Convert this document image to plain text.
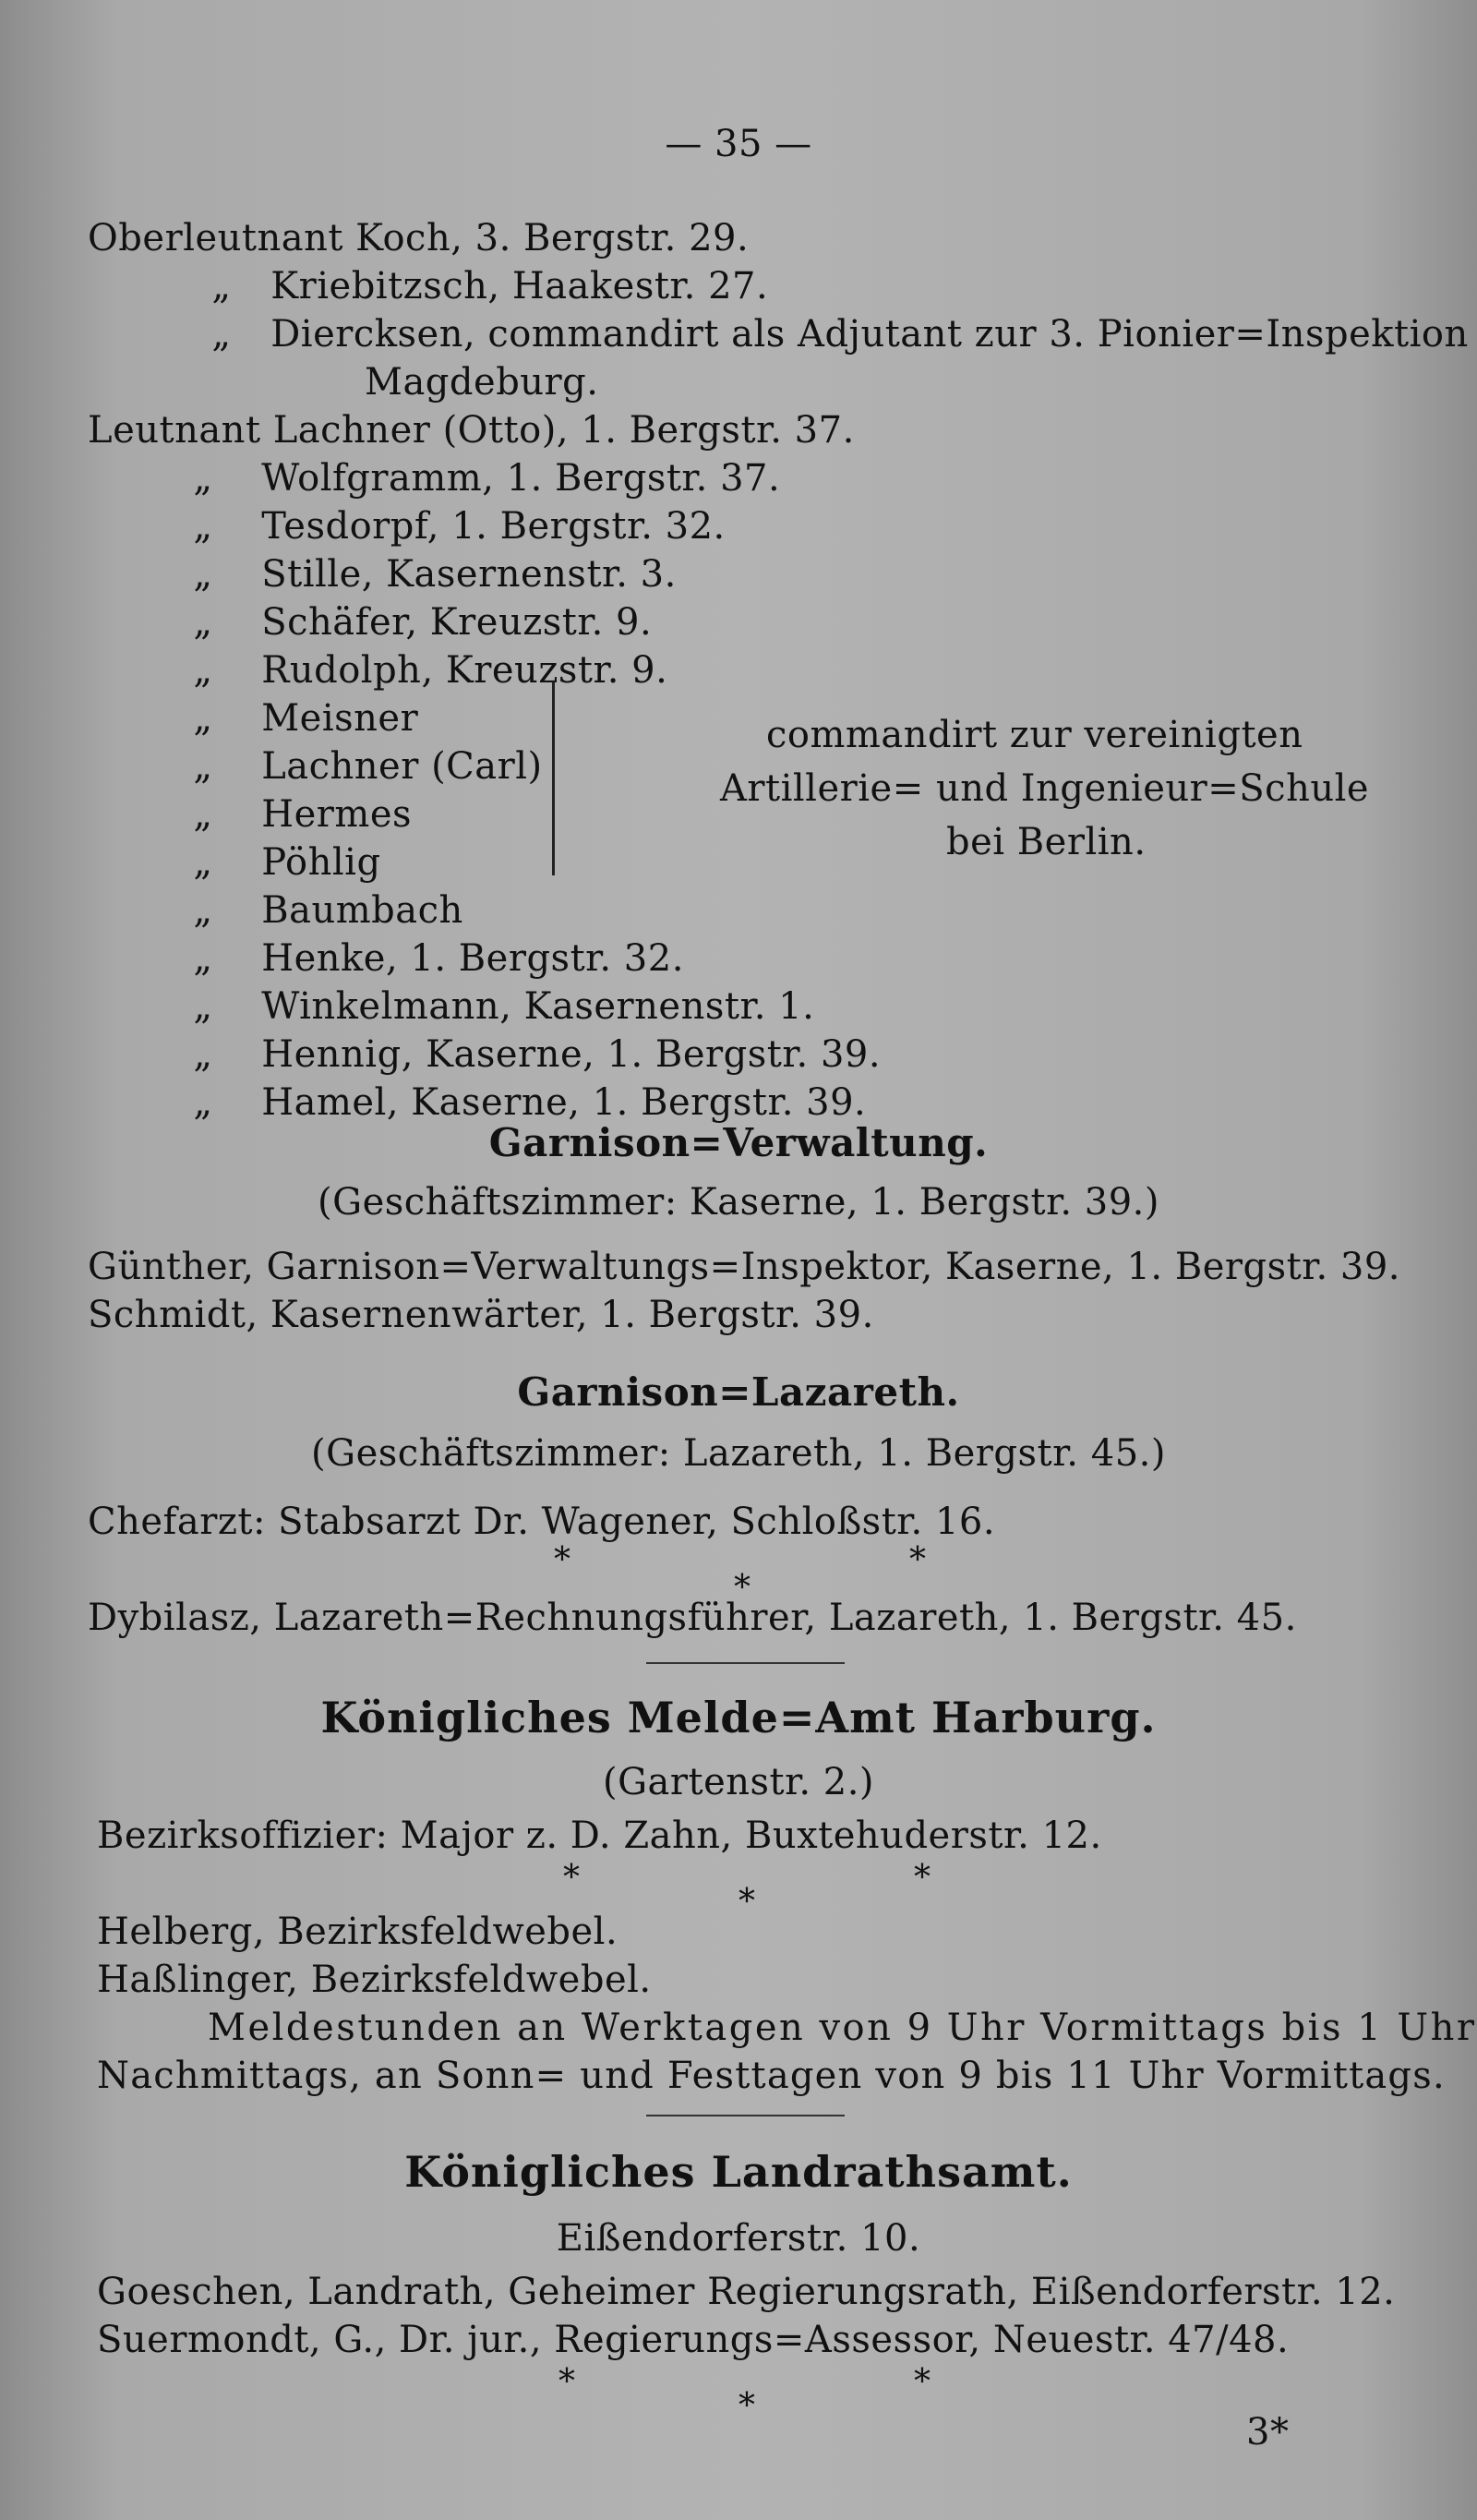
— 35 —
Oberleutnant Koch, 3. Bergstr. 29.
„ Kriebitzsch, Haakestr. 27.
„ Diercksen, commandirt als Adjutant zur 3. Pionier=Inspektion
Magdeburg.
Leutnant Lachner (Otto), 1. Bergstr. 37.
„ Wolfgramm, 1. Bergstr. 37.
„ Tesdorpf, 1. Bergstr. 32.
„ Stille, Kasernenstr. 3.
„ Schäfer, Kreuzstr. 9.
„ Rudolph, Kreuzstr. 9.
„ Meisner
„ Lachner (Carl)
„ Hermes
„ Pöhlig
„ Baumbach
commandirt zur vereinigten
Artillerie= und Ingenieur=Schule
bei Berlin.
„ Henke, 1. Bergstr. 32.
„ Winkelmann, Kasernenstr. 1.
„ Hennig, Kaserne, 1. Bergstr. 39.
„ Hamel, Kaserne, 1. Bergstr. 39.
Garnison=Verwaltung.
(Geschäftszimmer: Kaserne, 1. Bergstr. 39.)
Günther, Garnison=Verwaltungs=Inspektor, Kaserne, 1. Bergstr. 39.
Schmidt, Kasernenwärter, 1. Bergstr. 39.
Garnison=Lazareth.
(Geschäftszimmer: Lazareth, 1. Bergstr. 45.)
Chefarzt: Stabsarzt Dr. Wagener, Schloßstr. 16.
*
*
*
Dybilasz, Lazareth=Rechnungsführer, Lazareth, 1. Bergstr. 45.
Königliches Melde=Amt Harburg.
(Gartenstr. 2.)
Bezirksoffizier: Major z. D. Zahn, Buxtehuderstr. 12.
*
*
*
Helberg, Bezirksfeldwebel.
Haßlinger, Bezirksfeldwebel.
Meldestunden an Werktagen von 9 Uhr Vormittags bis 1 Uhr
Nachmittags, an Sonn= und Festtagen von 9 bis 11 Uhr Vormittags.
Königliches Landrathsamt.
Eißendorferstr. 10.
Goeschen, Landrath, Geheimer Regierungsrath, Eißendorferstr. 12.
Suermondt, G., Dr. jur., Regierungs=Assessor, Neuestr. 47/48.
*
*
*
3*
